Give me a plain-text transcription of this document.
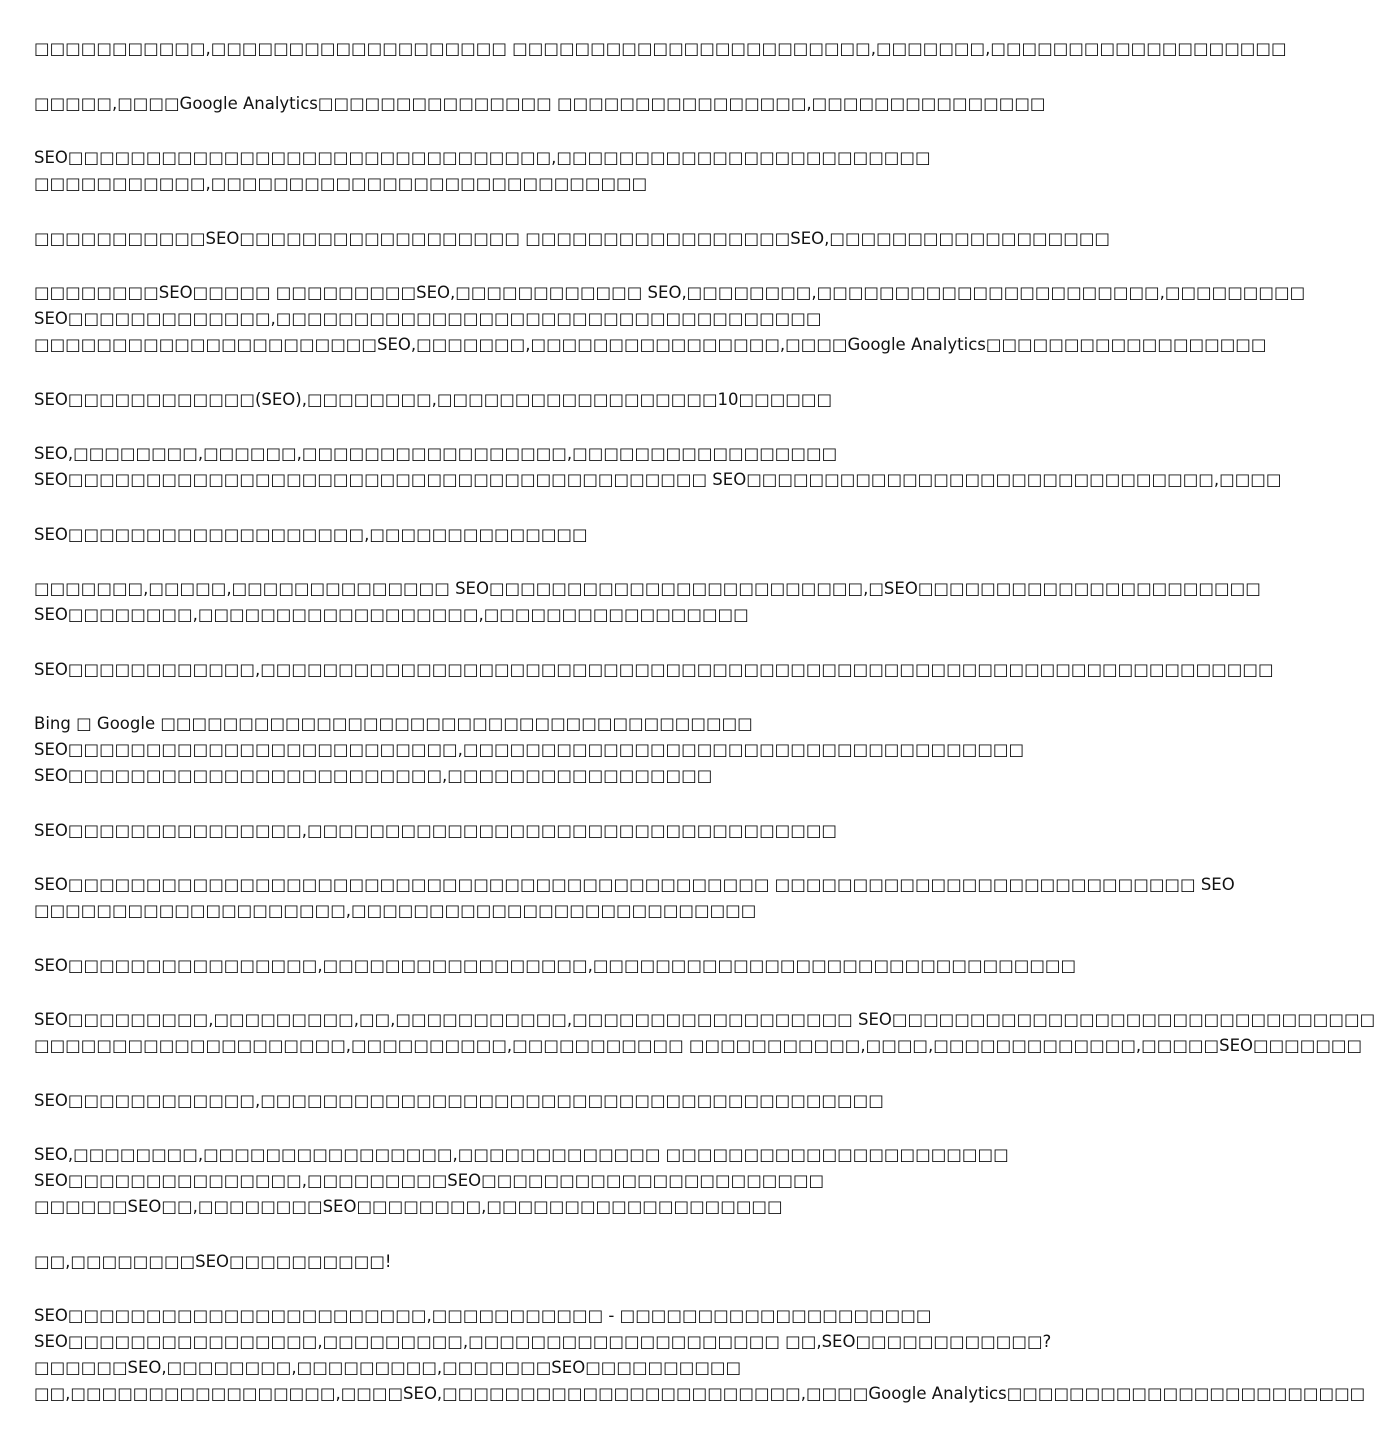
□□□□□□□□□□□,□□□□□□□□□□□□□□□□□□□ □□□□□□□□□□□□□□□□□□□□□□□,□□□□□□□,□□□□□□□□□□□□□□□□□□□
□□□□□,□□□□Google Analytics□□□□□□□□□□□□□□□ □□□□□□□□□□□□□□□□,□□□□□□□□□□□□□□□
SEO□□□□□□□□□□□□□□□□□□□□□□□□□□□□□□□,□□□□□□□□□□□□□□□□□□□□□□□□
□□□□□□□□□□□,□□□□□□□□□□□□□□□□□□□□□□□□□□□□
□□□□□□□□□□□SEO□□□□□□□□□□□□□□□□□□ □□□□□□□□□□□□□□□□□SEO,□□□□□□□□□□□□□□□□□□
□□□□□□□□SEO□□□□□ □□□□□□□□□SEO,□□□□□□□□□□□□ SEO,□□□□□□□□,□□□□□□□□□□□□□□□□□□□□□□,□□□□□□□□□
SEO□□□□□□□□□□□□□,□□□□□□□□□□□□□□□□□□□□□□□□□□□□□□□□□□□
□□□□□□□□□□□□□□□□□□□□□□SEO,□□□□□□□,□□□□□□□□□□□□□□□□,□□□□Google Analytics□□□□□□□□□□□□□□□□□□
SEO□□□□□□□□□□□□(SEO),□□□□□□□□,□□□□□□□□□□□□□□□□□□10□□□□□□
SEO,□□□□□□□□,□□□□□□,□□□□□□□□□□□□□□□□□,□□□□□□□□□□□□□□□□□
SEO□□□□□□□□□□□□□□□□□□□□□□□□□□□□□□□□□□□□□□□□□ SEO□□□□□□□□□□□□□□□□□□□□□□□□□□□□□□,□□□□
SEO□□□□□□□□□□□□□□□□□□□,□□□□□□□□□□□□□□
□□□□□□□,□□□□□,□□□□□□□□□□□□□□ SEO□□□□□□□□□□□□□□□□□□□□□□□□,□SEO□□□□□□□□□□□□□□□□□□□□□□
SEO□□□□□□□□,□□□□□□□□□□□□□□□□□□,□□□□□□□□□□□□□□□□□
SEO□□□□□□□□□□□□,□□□□□□□□□□□□□□□□□□□□□□□□□□□□□□□□□□□□□□□□□□□□□□□□□□□□□□□□□□□□□□□□□
Bing □ Google □□□□□□□□□□□□□□□□□□□□□□□□□□□□□□□□□□□□□□
SEO□□□□□□□□□□□□□□□□□□□□□□□□□,□□□□□□□□□□□□□□□□□□□□□□□□□□□□□□□□□□□□
SEO□□□□□□□□□□□□□□□□□□□□□□□□,□□□□□□□□□□□□□□□□□
SEO□□□□□□□□□□□□□□□,□□□□□□□□□□□□□□□□□□□□□□□□□□□□□□□□□□
SEO□□□□□□□□□□□□□□□□□□□□□□□□□□□□□□□□□□□□□□□□□□□□□ □□□□□□□□□□□□□□□□□□□□□□□□□□□ SEO
□□□□□□□□□□□□□□□□□□□□,□□□□□□□□□□□□□□□□□□□□□□□□□□
SEO□□□□□□□□□□□□□□□□,□□□□□□□□□□□□□□□□□,□□□□□□□□□□□□□□□□□□□□□□□□□□□□□□□
SEO□□□□□□□□□,□□□□□□□□□,□□,□□□□□□□□□□□,□□□□□□□□□□□□□□□□□□ SEO□□□□□□□□□□□□□□□□□□□□□□□□□□□□□□□
□□□□□□□□□□□□□□□□□□□□,□□□□□□□□□□,□□□□□□□□□□□ □□□□□□□□□□□,□□□□,□□□□□□□□□□□□□,□□□□□SEO□□□□□□□
SEO□□□□□□□□□□□□,□□□□□□□□□□□□□□□□□□□□□□□□□□□□□□□□□□□□□□□□
SEO,□□□□□□□□,□□□□□□□□□□□□□□□□,□□□□□□□□□□□□□ □□□□□□□□□□□□□□□□□□□□□□
SEO□□□□□□□□□□□□□□□,□□□□□□□□□SEO□□□□□□□□□□□□□□□□□□□□□□
□□□□□□SEO□□,□□□□□□□□SEO□□□□□□□□,□□□□□□□□□□□□□□□□□□□
□□,□□□□□□□□SEO□□□□□□□□□□!
SEO□□□□□□□□□□□□□□□□□□□□□□□,□□□□□□□□□□□ - □□□□□□□□□□□□□□□□□□□□
SEO□□□□□□□□□□□□□□□□,□□□□□□□□□,□□□□□□□□□□□□□□□□□□□□ □□,SEO□□□□□□□□□□□□?
□□□□□□SEO,□□□□□□□□,□□□□□□□□□,□□□□□□□SEO□□□□□□□□□□
□□,□□□□□□□□□□□□□□□□□,□□□□SEO,□□□□□□□□□□□□□□□□□□□□□□□,□□□□Google Analytics□□□□□□□□□□□□□□□□□□□□□□□
